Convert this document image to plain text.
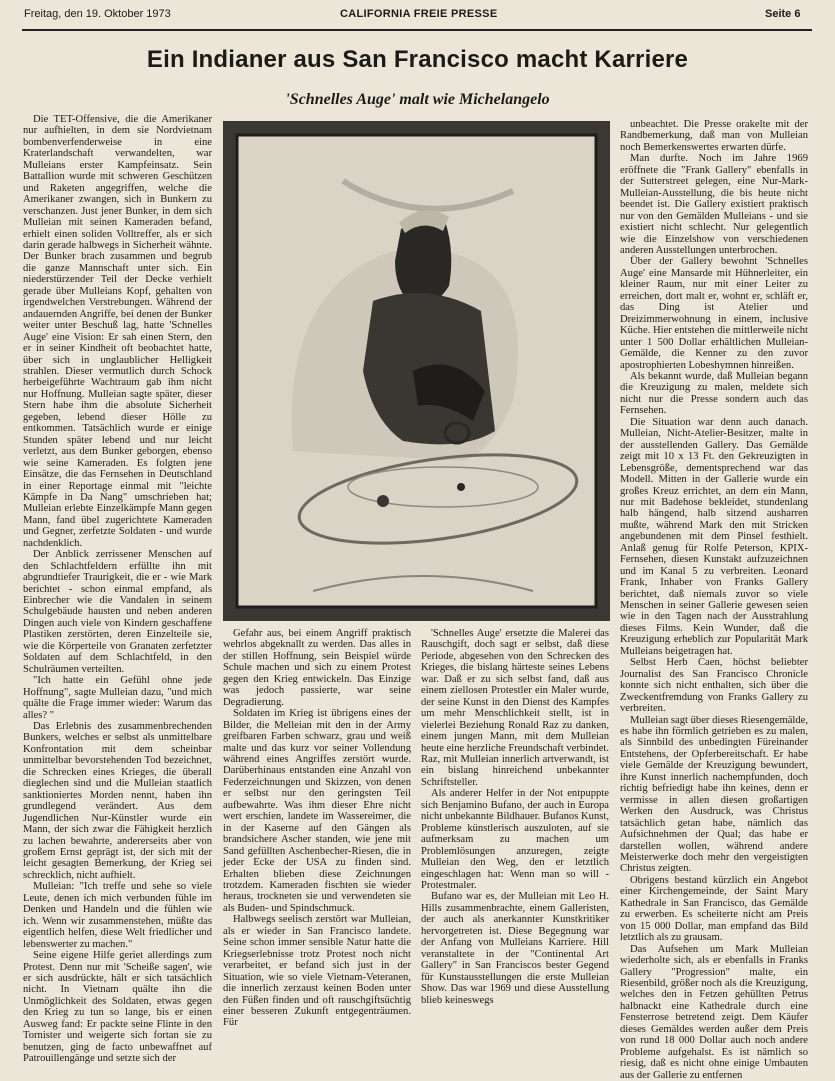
Freitag, den 19. Oktober 1973	CALIFORNIA FREIE PRESSE	Seite 6
Ein Indianer aus San Francisco macht Karriere
'Schnelles Auge' malt wie Michelangelo

Die TET-Offensive, die die Amerikaner nur aufhielten, in dem sie Nordvietnam bombenverfenderweise in eine Kraterlandschaft verwandelten, war Mulleians erster Kampfeinsatz. Sein Battallion wurde mit schweren Geschützen und Raketen angegriffen, welche die Amerikaner zwangen, sich in Bunkern zu verschanzen. Just jener Bunker, in dem sich Mulleian mit seinen Kameraden befand, erhielt einen soliden Volltreffer, als er sich darin gerade halbwegs in Sicherheit wähnte. Der Bunker brach zusammen und begrub die ganze Mannschaft unter sich. Ein niederstürzender Teil der Decke verhielt gerade über Mulleians Kopf, gehalten von irgendwelchen Verstrebungen. Während der andauernden Angriffe, bei denen der Bunker weiter unter Beschuß lag, hatte 'Schnelles Auge' eine Vision: Er sah einen Stern, den er in seiner Kindheit oft beobachtet hatte, über sich in unglaublicher Helligkeit strahlen. Dieser vermutlich durch Schock herbeigeführte Wachtraum gab ihm nicht nur Hoffnung. Mulleian sagte später, dieser Stern habe ihm die absolute Sicherheit gegeben, lebend dieser Hölle zu entkommen. Tatsächlich wurde er einige Stunden später lebend und nur leicht verletzt, aus dem Bunker geborgen, ebenso wie seine Kameraden. Es folgten jene Einsätze, die das Fernsehen in Deutschland in einer Reportage einmal mit "leichte Kämpfe in Da Nang" umschrieben hat; Mulleian erlebte Einzelkämpfe Mann gegen Mann, fand übel zugerichtete Kameraden und Gegner, zerfetzte Soldaten - und wurde nachdenklich.

Der Anblick zerrissener Menschen auf den Schlachtfeldern erfüllte ihn mit abgrundtiefer Traurigkeit, die er - wie Mark berichtet - schon einmal empfand, als Einbrecher wie die Vandalen in seinem Schulgebäude hausten und neben anderen Dingen auch viele von Kindern geschaffene Plastiken zerstörten, deren Einzelteile sie, wie die Körperteile von Granaten zerfetzter Soldaten auf dem Schlachtfeld, in den Schulräumen verteilten.

"Ich hatte ein Gefühl ohne jede Hoffnung", sagte Mulleian dazu, "und mich quälte die Frage immer wieder: Warum das alles? "

Das Erlebnis des zusammenbrechenden Bunkers, welches er selbst als unmittelbare Konfrontation mit dem scheinbar unmittelbar bevorstehenden Tod bezeichnet, die Schrecken eines Krieges, die überall dieglechen sind und die Mulleian staatlich sanktioniertes Morden nennt, haben ihn grundlegend verändert. Aus dem Jugendlichen Nur-Künstler wurde ein Mann, der sich zwar die Fähigkeit herzlich zu lachen bewahrte, andererseits aber von großem Ernst geprägt ist, der sich mit der leicht gesagten Bemerkung, der Krieg sei schrecklich, nicht aufhielt.

Mulleian: "Ich treffe und sehe so viele Leute, denen ich mich verbunden fühle im Denken und Handeln und die fühlen wie ich. Wenn wir zusammenstehen, müßte das eigentlich helfen, diese Welt friedlicher und lebenswerter zu machen."

Seine eigene Hilfe geriet allerdings zum Protest. Denn nur mit 'Scheiße sagen', wie er sich ausdrückte, hält er sich tatsächlich nicht. In Vietnam quälte ihn die Unmöglichkeit des Soldaten, etwas gegen den Krieg zu tun so lange, bis er einen Ausweg fand: Er packte seine Flinte in den Tornister und weigerte sich fortan sie zu benutzen, ging de facto unbewaffnet auf Patrouillengänge und setzte sich der

Gefahr aus, bei einem Angriff praktisch wehrlos abgeknallt zu werden. Das alles in der stillen Hoffnung, sein Beispiel würde Schule machen und sich zu einem Protest gegen den Krieg entwickeln. Das Einzige was jedoch passierte, war seine Degradierung.

Soldaten im Krieg ist übrigens eines der Bilder, die Melleian mit den in der Army greifbaren Farben schwarz, grau und weiß malte und das kurz vor seiner Vollendung während eines Angriffes zerstört wurde. Darüberhinaus entstanden eine Anzahl von Federzeichnungen und Skizzen, von denen er selbst nur den geringsten Teil aufbewahrte. Was ihm dieser Ehre nicht wert erschien, landete im Wassereimer, die in der Kaserne auf den Gängen als brandsichere Ascher standen, wie jene mit Sand gefüllten Aschenbecher-Riesen, die in jeder Ecke der USA zu finden sind. Erhalten blieben diese Zeichnungen trotzdem. Kameraden fischten sie wieder heraus, trockneten sie und verwendeten sie als Buden- und Spindschmuck.

Halbwegs seelisch zerstört war Mulleian, als er wieder in San Francisco landete. Seine schon immer sensible Natur hatte die Kriegserlebnisse trotz Protest noch nicht verarbeitet, er befand sich just in der Situation, wie so viele Vietnam-Veteranen, die innerlich zerzaust keinen Boden unter den Füßen finden und oft rauschgiftsüchtig einer besseren Zukunft entgegenträumen. Für

'Schnelles Auge' ersetzte die Malerei das Rauschgift, doch sagt er selbst, daß diese Periode, abgesehen von den Schrecken des Krieges, die bislang härteste seines Lebens war. Daß er zu sich selbst fand, daß aus einem ziellosen Protestler ein Maler wurde, der seine Kunst in den Dienst des Kampfes um mehr Menschlichkeit stellt, ist in vielerlei Beziehung Ronald Raz zu danken, einem jungen Mann, mit dem Mulleian heute eine herzliche Freundschaft verbindet. Raz, mit Mulleian innerlich artverwandt, ist ein bislang hinreichend unbekannter Schriftsteller.

Als anderer Helfer in der Not entpuppte sich Benjamino Bufano, der auch in Europa nicht unbekannte Bildhauer. Bufanos Kunst, Probleme künstlerisch auszuloten, auf sie aufmerksam zu machen um Problemlösungen anzuregen, zeigte Mulleian den Weg, den er letztlich eingeschlagen hat: Wenn man so will - Protestmaler.

Bufano war es, der Mulleian mit Leo H. Hills zusammenbrachte, einem Galleristen, der auch als anerkannter Kunstkritiker hervorgetreten ist. Diese Begegnung war der Anfang von Mulleians Karriere. Hill veranstaltete in der "Continental Art Gallery" in San Franciscos bester Gegend für Kunstausstellungen die erste Mulleian Show. Das war 1969 und diese Ausstellung blieb keineswegs

unbeachtet. Die Presse orakelte mit der Randbemerkung, daß man von Mulleian noch Bemerkenswertes erwarten dürfe.

Man durfte. Noch im Jahre 1969 eröffnete die "Frank Gallery" ebenfalls in der Sutterstreet gelegen, eine Nur-Mark-Mulleian-Ausstellung, die bis heute nicht beendet ist. Die Gallery existiert praktisch nur von den Gemälden Mulleians - und sie existiert nicht schlecht. Nur gelegentlich wie die Einzelshow von verschiedenen anderen Ausstellungen unterbrochen.

Über der Gallery bewohnt 'Schnelles Auge' eine Mansarde mit Hühnerleiter, ein kleiner Raum, nur mit einer Leiter zu erreichen, dort malt er, wohnt er, schläft er, das Ding ist Atelier und Dreizimmerwohnung in einem, inclusive Küche. Hier entstehen die mittlerweile nicht unter 1 500 Dollar erhältlichen Mulleian-Gemälde, die Kenner zu den zuvor apostrophierten Lobeshymnen hinreißen.

Als bekannt wurde, daß Mulleian begann die Kreuzigung zu malen, meldete sich nicht nur die Presse sondern auch das Fernsehen.

Die Situation war denn auch danach. Mulleian, Nicht-Atelier-Besitzer, malte in der ausstellenden Gallery. Das Gemälde zeigt mit 10 x 13 Ft. den Gekreuzigten in Lebensgröße, dementsprechend war das Modell. Mitten in der Gallerie wurde ein großes Kreuz errichtet, an dem ein Mann, nur mit Badehose bekleidet, stundenlang halb hängend, halb sitzend ausharren mußte, während Mark den mit Stricken angebundenen mit dem Pinsel festhielt. Anlaß genug für Rolfe Peterson, KPIX-Fernsehen, diesen Kunstakt aufzuzeichnen und im Kanal 5 zu verbreiten. Leonard Frank, Inhaber von Franks Gallery berichtet, daß niemals zuvor so viele Menschen in seiner Gallerie gewesen seien wie in den Tagen nach der Ausstrahlung dieses Films. Kein Wunder, daß die Kreuzigung erheblich zur Popularität Mark Mulleians beigetragen hat.

Selbst Herb Caen, höchst beliebter Journalist des San Francisco Chronicle konnte sich nicht enthalten, sich über die Zweckentfremdung von Franks Gallery zu verbreiten.

Mulleian sagt über dieses Riesengemälde, es habe ihn förmlich getrieben es zu malen, als Sinnbild des unbedingten Füreinander Entstehens, der Opferbereitschaft. Er habe viele Gemälde der Kreuzigung bewundert, ihre Kunst innerlich nachempfunden, doch richtig befriedigt habe ihn keines, denn er vermisse in allen diesen großartigen Werken den Ausdruck, was Christus tatsächlich getan habe, nämlich das Aufsichnehmen der Qual; das habe er darstellen wollen, während andere Meisterwerke doch mehr den vergeistigten Christus zeigten.

Obrigens bestand kürzlich ein Angebot einer Kirchengemeinde, der Saint Mary Kathedrale in San Francisco, das Gemälde zu erwerben. Es scheiterte nicht am Preis von 15 000 Dollar, man empfand das Bild letztlich als zu grausam.

Das Aufsehen um Mark Mulleian wiederholte sich, als er ebenfalls in Franks Gallery "Progression" malte, ein Riesenbild, größer noch als die Kreuzigung, welches den in Fetzen gehüllten Petrus halbnackt eine Kathedrale durch eine Fensterrose betretend zeigt. Dem Käufer dieses Gemäldes werden außer dem Preis von rund 18 000 Dollar auch noch andere Probleme aufgehalst. Es ist nämlich so riesig, daß es nicht ohne einige Umbauten aus der Gallerie zu entfernen
